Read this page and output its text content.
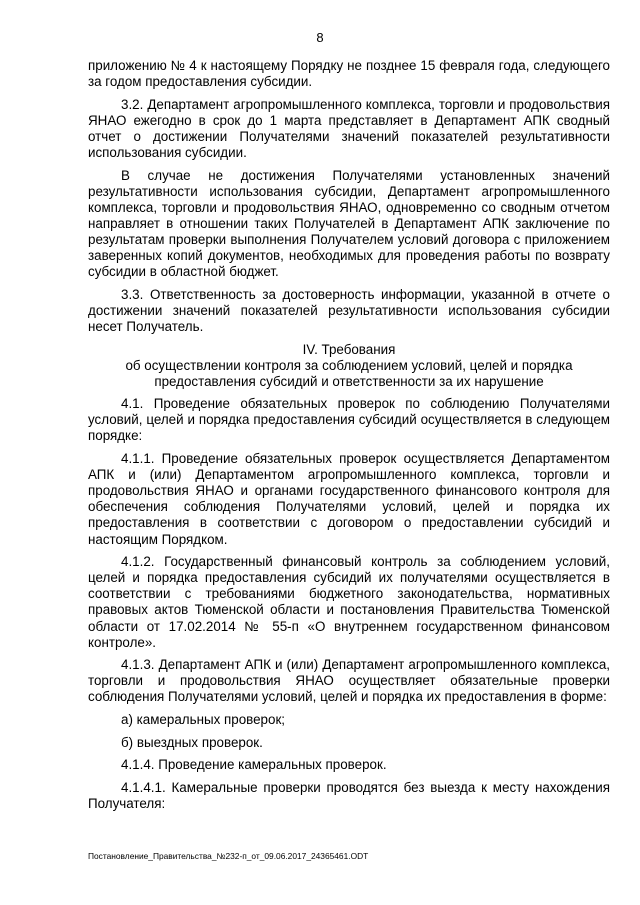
8

приложению № 4 к настоящему Порядку не позднее 15 февраля года, следующего за годом предоставления субсидии.

3.2. Департамент агропромышленного комплекса, торговли и продовольствия ЯНАО ежегодно в срок до 1 марта представляет в Департамент АПК сводный отчет о достижении Получателями значений показателей результативности использования субсидии.

В случае не достижения Получателями установленных значений результативности использования субсидии, Департамент агропромышленного комплекса, торговли и продовольствия ЯНАО, одновременно со сводным отчетом направляет в отношении таких Получателей в Департамент АПК заключение по результатам проверки выполнения Получателем условий договора с приложением заверенных копий документов, необходимых для проведения работы по возврату субсидии в областной бюджет.

3.3. Ответственность за достоверность информации, указанной в отчете о достижении значений показателей результативности использования субсидии несет Получатель.

IV. Требования
об осуществлении контроля за соблюдением условий, целей и порядка
предоставления субсидий и ответственности за их нарушение

4.1. Проведение обязательных проверок по соблюдению Получателями условий, целей и порядка предоставления субсидий осуществляется в следующем порядке:

4.1.1. Проведение обязательных проверок осуществляется Департаментом АПК и (или) Департаментом агропромышленного комплекса, торговли и продовольствия ЯНАО и органами государственного финансового контроля для обеспечения соблюдения Получателями условий, целей и порядка их предоставления в соответствии с договором о предоставлении субсидий и настоящим Порядком.

4.1.2. Государственный финансовый контроль за соблюдением условий, целей и порядка предоставления субсидий их получателями осуществляется в соответствии с требованиями бюджетного законодательства, нормативных правовых актов Тюменской области и постановления Правительства Тюменской области от 17.02.2014 № 55-п «О внутреннем государственном финансовом контроле».

4.1.3. Департамент АПК и (или) Департамент агропромышленного комплекса, торговли и продовольствия ЯНАО осуществляет обязательные проверки соблюдения Получателями условий, целей и порядка их предоставления в форме:

а) камеральных проверок;

б) выездных проверок.

4.1.4. Проведение камеральных проверок.

4.1.4.1. Камеральные проверки проводятся без выезда к месту нахождения Получателя:

Постановление_Правительства_№232-п_от_09.06.2017_24365461.ODT
